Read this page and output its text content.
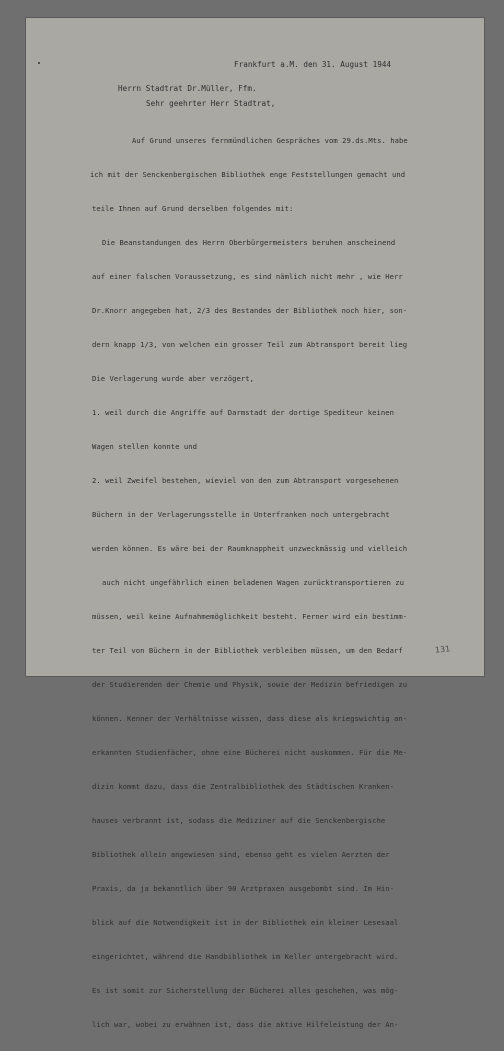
Frankfurt a.M. den 31. August 1944

Herrn Stadtrat Dr.Müller, Ffm.

Sehr geehrter Herr Stadtrat,

Auf Grund unseres fernmündlichen Gespräches vom 29.ds.Mts. habe

ich mit der Senckenbergischen Bibliothek enge Feststellungen gemacht und

teile Ihnen auf Grund derselben folgendes mit:

Die Beanstandungen des Herrn Oberbürgermeisters beruhen anscheinend

auf einer falschen Voraussetzung, es sind nämlich nicht mehr , wie Herr

Dr.Knorr angegeben hat, 2/3 des Bestandes der Bibliothek noch hier, son-

dern knapp 1/3, von welchen ein grosser Teil zum Abtransport bereit lieg

Die Verlagerung wurde aber verzögert,

1. weil durch die Angriffe auf Darmstadt der dortige Spediteur keinen

Wagen stellen konnte und

2. weil Zweifel bestehen, wieviel von den zum Abtransport vorgesehenen

Büchern in der Verlagerungsstelle in Unterfranken noch untergebracht

werden können. Es wäre bei der Raumknappheit unzweckmässig und vielleich

auch nicht ungefährlich einen beladenen Wagen zurücktransportieren zu

müssen, weil keine Aufnahmemöglichkeit besteht. Ferner wird ein bestimm-

ter Teil von Büchern in der Bibliothek verbleiben müssen, um den Bedarf

der Studierenden der Chemie und Physik, sowie der Medizin befriedigen zu

können. Kenner der Verhältnisse wissen, dass diese als kriegswichtig an-

erkannten Studienfächer, ohne eine Bücherei nicht auskommen. Für die Me-

dizin kommt dazu, dass die Zentralbibliothek des Städtischen Kranken-

hauses verbrannt ist, sodass die Mediziner auf die Senckenbergische

Bibliothek allein angewiesen sind, ebenso geht es vielen Aerzten der

Praxis, da ja bekanntlich über 90 Arztpraxen ausgebombt sind. Im Hin-

blick auf die Notwendigkeit ist in der Bibliothek ein kleiner Lesesaal

eingerichtet, während die Handbibliothek im Keller untergebracht wird.

Es ist somit zur Sicherstellung der Bücherei alles geschehen, was mög-

lich war, wobei zu erwähnen ist, dass die aktive Hilfeleistung der An-

131
